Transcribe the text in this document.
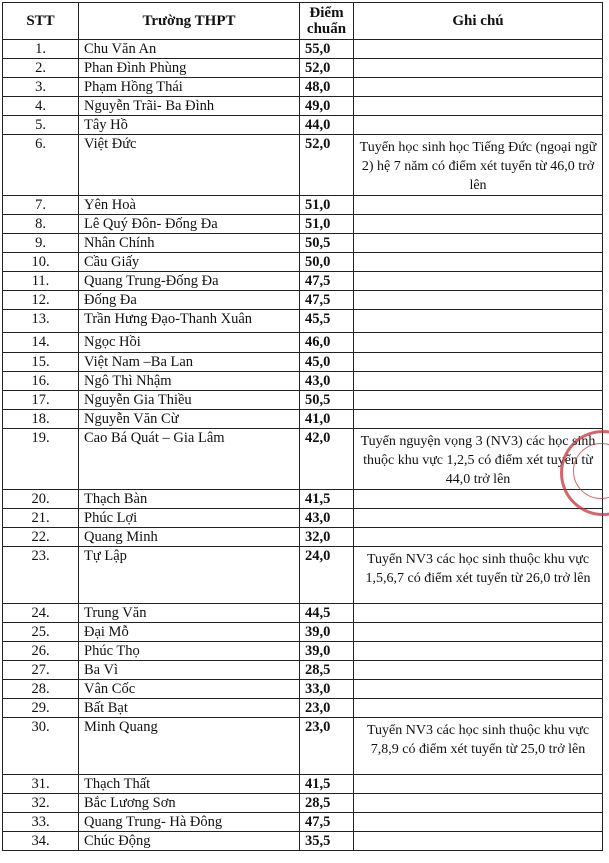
STT	Trường THPT	Điểm chuẩn	Ghi chú
1.	Chu Văn An	55,0	
2.	Phan Đình Phùng	52,0	
3.	Phạm Hồng Thái	48,0	
4.	Nguyễn Trãi- Ba Đình	49,0	
5.	Tây Hồ	44,0	
6.	Việt Đức	52,0	Tuyển học sinh học Tiếng Đức (ngoại ngữ 2) hệ 7 năm có điểm xét tuyển từ 46,0 trở lên
7.	Yên Hoà	51,0	
8.	Lê Quý Đôn- Đống Đa	51,0	
9.	Nhân Chính	50,5	
10.	Cầu Giấy	50,0	
11.	Quang Trung-Đống Đa	47,5	
12.	Đống Đa	47,5	
13.	Trần Hưng Đạo-Thanh Xuân	45,5	
14.	Ngọc Hồi	46,0	
15.	Việt Nam –Ba Lan	45,0	
16.	Ngô Thì Nhậm	43,0	
17.	Nguyễn Gia Thiều	50,5	
18.	Nguyễn Văn Cừ	41,0	
19.	Cao Bá Quát – Gia Lâm	42,0	Tuyển nguyện vọng 3 (NV3) các học sinh thuộc khu vực 1,2,5 có điểm xét tuyển từ 44,0 trở lên
20.	Thạch Bàn	41,5	
21.	Phúc Lợi	43,0	
22.	Quang Minh	32,0	
23.	Tự Lập	24,0	Tuyển NV3 các học sinh thuộc khu vực 1,5,6,7 có điểm xét tuyển từ 26,0 trở lên
24.	Trung Văn	44,5	
25.	Đại Mỗ	39,0	
26.	Phúc Thọ	39,0	
27.	Ba Vì	28,5	
28.	Vân Cốc	33,0	
29.	Bất Bạt	23,0	
30.	Minh Quang	23,0	Tuyển NV3 các học sinh thuộc khu vực 7,8,9 có điểm xét tuyển từ 25,0 trở lên
31.	Thạch Thất	41,5	
32.	Bắc Lương Sơn	28,5	
33.	Quang Trung- Hà Đông	47,5	
34.	Chúc Động	35,5	
